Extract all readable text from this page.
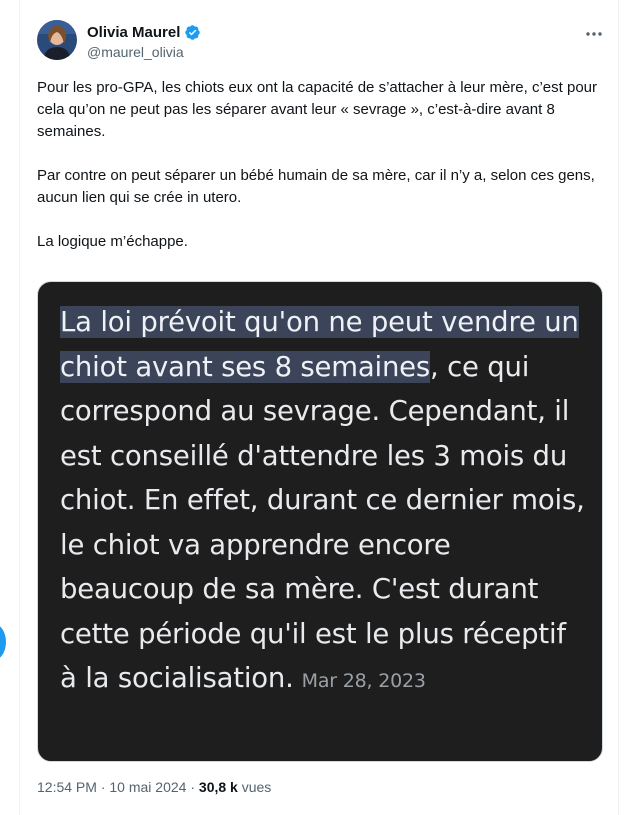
Olivia Maurel
@maurel_olivia

Pour les pro-GPA, les chiots eux ont la capacité de s’attacher à leur mère, c’est pour cela qu’on ne peut pas les séparer avant leur « sevrage », c’est-à-dire avant 8 semaines.

Par contre on peut séparer un bébé humain de sa mère, car il n’y a, selon ces gens, aucun lien qui se crée in utero.

La logique m’échappe.

La loi prévoit qu'on ne peut vendre un chiot avant ses 8 semaines, ce qui correspond au sevrage. Cependant, il est conseillé d'attendre les 3 mois du chiot. En effet, durant ce dernier mois, le chiot va apprendre encore beaucoup de sa mère. C'est durant cette période qu'il est le plus réceptif à la socialisation. Mar 28, 2023
12:54 PM · 10 mai 2024 · 30,8 k vues
